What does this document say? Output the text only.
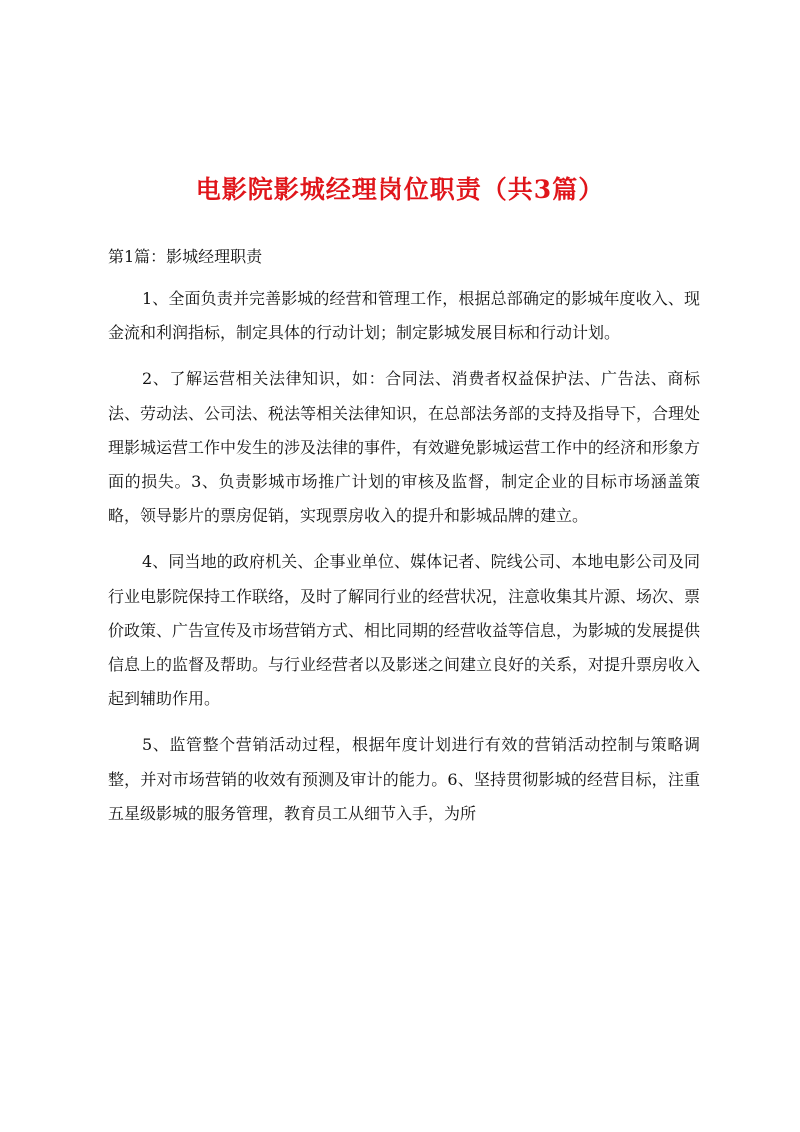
电影院影城经理岗位职责（共3篇）

第1篇：影城经理职责

1、全面负责并完善影城的经营和管理工作，根据总部确定的影城年度收入、现金流和利润指标，制定具体的行动计划；制定影城发展目标和行动计划。

2、了解运营相关法律知识，如：合同法、消费者权益保护法、广告法、商标法、劳动法、公司法、税法等相关法律知识，在总部法务部的支持及指导下，合理处理影城运营工作中发生的涉及法律的事件，有效避免影城运营工作中的经济和形象方面的损失。3、负责影城市场推广计划的审核及监督，制定企业的目标市场涵盖策略，领导影片的票房促销，实现票房收入的提升和影城品牌的建立。

4、同当地的政府机关、企事业单位、媒体记者、院线公司、本地电影公司及同行业电影院保持工作联络，及时了解同行业的经营状况，注意收集其片源、场次、票价政策、广告宣传及市场营销方式、相比同期的经营收益等信息，为影城的发展提供信息上的监督及帮助。与行业经营者以及影迷之间建立良好的关系，对提升票房收入起到辅助作用。

5、监管整个营销活动过程，根据年度计划进行有效的营销活动控制与策略调整，并对市场营销的收效有预测及审计的能力。6、坚持贯彻影城的经营目标，注重五星级影城的服务管理，教育员工从细节入手，为所
